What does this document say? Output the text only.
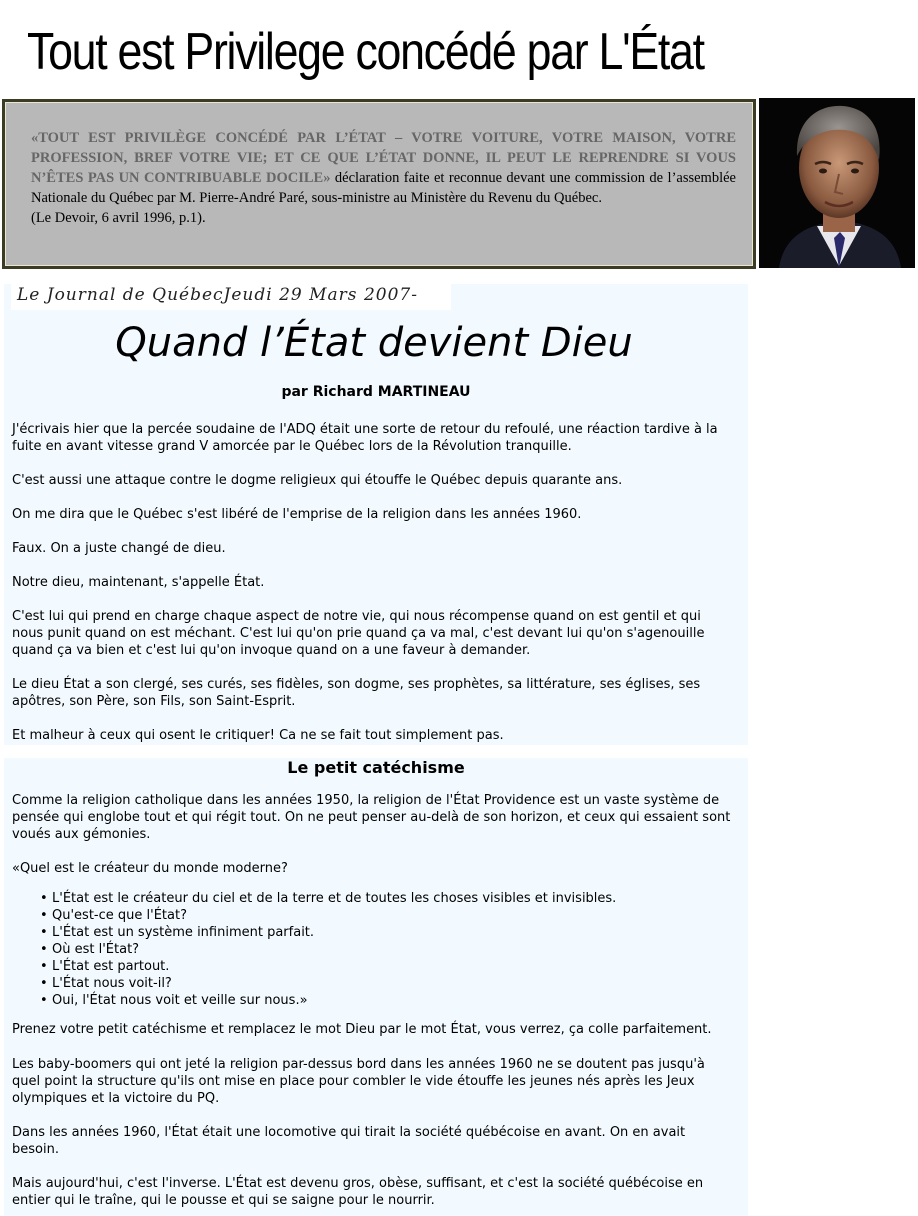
Tout est Privilege concédé par L'État
«TOUT EST PRIVILÈGE CONCÉDÉ PAR L’ÉTAT – VOTRE VOITURE, VOTRE MAISON, VOTRE PROFESSION, BREF VOTRE VIE; ET CE QUE L’ÉTAT DONNE, IL PEUT LE REPRENDRE SI VOUS N’ÊTES PAS UN CONTRIBUABLE DOCILE» déclaration faite et reconnue devant une commission de l’assemblée Nationale du Québec par M. Pierre-André Paré, sous-ministre au Ministère du Revenu du Québec.
(Le Devoir, 6 avril 1996, p.1).
Le Journal de QuébecJeudi 29 Mars 2007-
Quand l’État devient Dieu
par Richard MARTINEAU

J'écrivais hier que la percée soudaine de l'ADQ était une sorte de retour du refoulé, une réaction tardive à la fuite en avant vitesse grand V amorcée par le Québec lors de la Révolution tranquille.

C'est aussi une attaque contre le dogme religieux qui étouffe le Québec depuis quarante ans.

On me dira que le Québec s'est libéré de l'emprise de la religion dans les années 1960.

Faux. On a juste changé de dieu.

Notre dieu, maintenant, s'appelle État.

C'est lui qui prend en charge chaque aspect de notre vie, qui nous récompense quand on est gentil et qui nous punit quand on est méchant. C'est lui qu'on prie quand ça va mal, c'est devant lui qu'on s'agenouille quand ça va bien et c'est lui qu'on invoque quand on a une faveur à demander.

Le dieu État a son clergé, ses curés, ses fidèles, son dogme, ses prophètes, sa littérature, ses églises, ses apôtres, son Père, son Fils, son Saint-Esprit.

Et malheur à ceux qui osent le critiquer! Ca ne se fait tout simplement pas.

Le petit catéchisme

Comme la religion catholique dans les années 1950, la religion de l'État Providence est un vaste système de pensée qui englobe tout et qui régit tout. On ne peut penser au-delà de son horizon, et ceux qui essaient sont voués aux gémonies.

«Quel est le créateur du monde moderne?

• L'État est le créateur du ciel et de la terre et de toutes les choses visibles et invisibles.
• Qu'est-ce que l'État?
• L'État est un système infiniment parfait.
• Où est l'État?
• L'État est partout.
• L'État nous voit-il?
• Oui, l'État nous voit et veille sur nous.»

Prenez votre petit catéchisme et remplacez le mot Dieu par le mot État, vous verrez, ça colle parfaitement.

Les baby-boomers qui ont jeté la religion par-dessus bord dans les années 1960 ne se doutent pas jusqu'à quel point la structure qu'ils ont mise en place pour combler le vide étouffe les jeunes nés après les Jeux olympiques et la victoire du PQ.

Dans les années 1960, l'État était une locomotive qui tirait la société québécoise en avant. On en avait besoin.

Mais aujourd'hui, c'est l'inverse. L'État est devenu gros, obèse, suffisant, et c'est la société québécoise en entier qui le traîne, qui le pousse et qui se saigne pour le nourrir.
